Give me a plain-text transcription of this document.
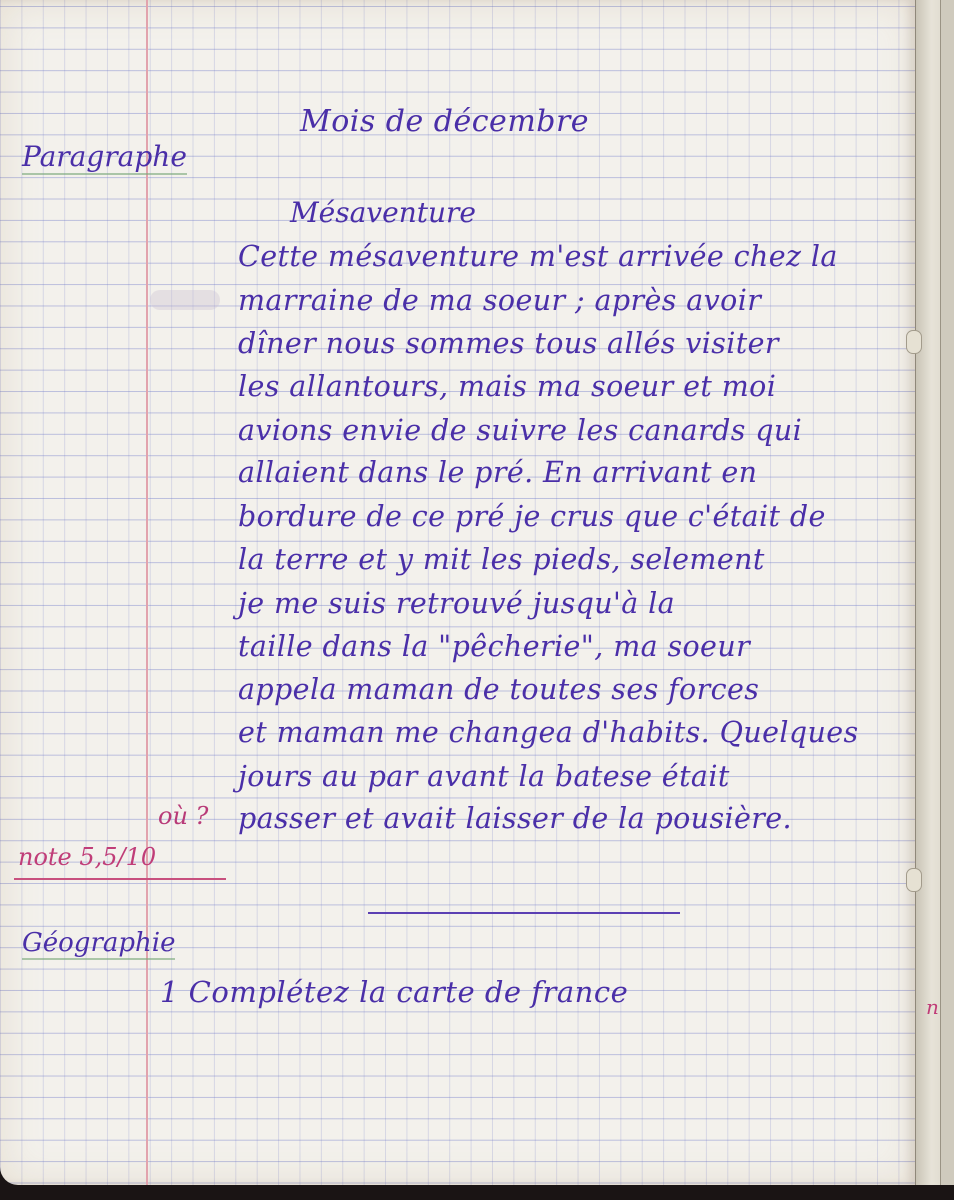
Mois de décembre
Paragraphe
Mésaventure
Cette mésaventure m'est arrivée chez la
marraine de ma soeur ; après avoir
dîner nous sommes tous allés visiter
les allantours, mais ma soeur et moi
avions envie de suivre les canards qui
allaient dans le pré. En arrivant en
bordure de ce pré je crus que c'était de
la terre et y mit les pieds, selement
je me suis retrouvé jusqu'à la
taille dans la "pêcherie", ma soeur
appela maman de toutes ses forces
et maman me changea d'habits. Quelques
jours au par avant la batese était
passer et avait laisser de la pousière.
où ?
note 5,5/10
Géographie
1 Complétez la carte de france	n
